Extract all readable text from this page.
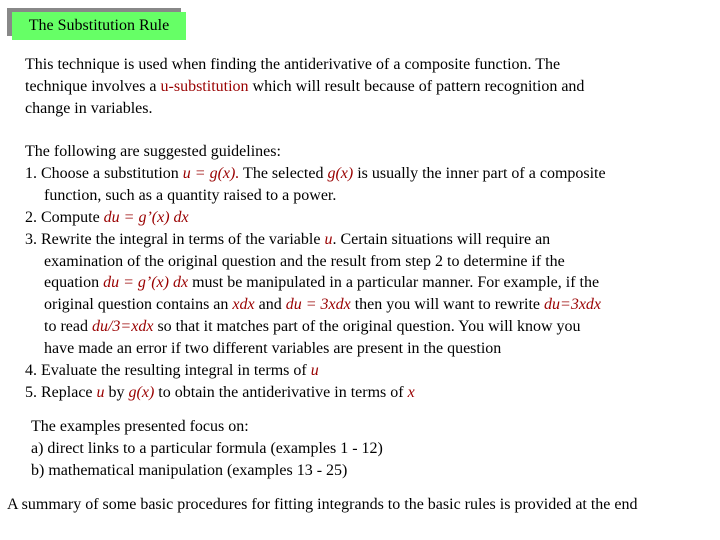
The Substitution Rule
This technique is used when finding the antiderivative of a composite function. The
technique involves a u-substitution which will result because of pattern recognition and
change in variables.
The following are suggested guidelines:
1. Choose a substitution u = g(x). The selected g(x) is usually the inner part of a composite
function, such as a quantity raised to a power.
2. Compute du = g’(x) dx
3. Rewrite the integral in terms of the variable u. Certain situations will require an
examination of the original question and the result from step 2 to determine if the
equation du = g’(x) dx must be manipulated in a particular manner. For example, if the
original question contains an xdx and du = 3xdx then you will want to rewrite du=3xdx
to read du/3=xdx so that it matches part of the original question. You will know you
have made an error if two different variables are present in the question
4. Evaluate the resulting integral in terms of u
5. Replace u by g(x) to obtain the antiderivative in terms of x
The examples presented focus on:
a) direct links to a particular formula (examples 1 - 12)
b) mathematical manipulation (examples 13 - 25)
A summary of some basic procedures for fitting integrands to the basic rules is provided at the end
